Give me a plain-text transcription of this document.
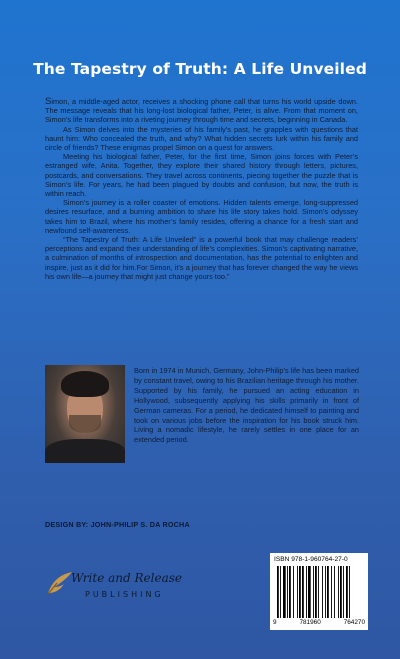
The Tapestry of Truth: A Life Unveiled

Simon, a middle-aged actor, receives a shocking phone call that turns his world upside down. The message reveals that his long-lost biological father, Peter, is alive. From that moment on, Simon’s life transforms into a riveting journey through time and secrets, beginning in Canada.

As Simon delves into the mysteries of his family’s past, he grapples with questions that haunt him: Who concealed the truth, and why? What hidden secrets lurk within his family and circle of friends? These enigmas propel Simon on a quest for answers.

Meeting his biological father, Peter, for the first time, Simon joins forces with Peter’s estranged wife, Anita. Together, they explore their shared history through letters, pictures, postcards, and conversations. They travel across continents, piecing together the puzzle that is Simon’s life. For years, he had been plagued by doubts and confusion, but now, the truth is within reach.

Simon’s journey is a roller coaster of emotions. Hidden talents emerge, long-suppressed desires resurface, and a burning ambition to share his life story takes hold. Simon’s odyssey takes him to Brazil, where his mother’s family resides, offering a chance for a fresh start and newfound self-awareness.

“The Tapestry of Truth: A Life Unveiled” is a powerful book that may challenge readers’ perceptions and expand their understanding of life’s complexities. Simon’s captivating narrative, a culmination of months of introspection and documentation, has the potential to enlighten and inspire, just as it did for him.For Simon, it’s a journey that has forever changed the way he views his own life—a journey that might just change yours too.”

Born in 1974 in Munich, Germany, John-Philip’s life has been marked by constant travel, owing to his Brazilian heritage through his mother. Supported by his family, he pursued an acting education in Hollywood, subsequently applying his skills primarily in front of German cameras. For a period, he dedicated himself to painting and took on various jobs before the inspiration for his book struck him. Living a nomadic lifestyle, he rarely settles in one place for an extended period.
DESIGN BY: JOHN-PHILIP S. DA ROCHA
Write and Release
PUBLISHING
ISBN 978-1-960764-27-0
9	781960	764270
